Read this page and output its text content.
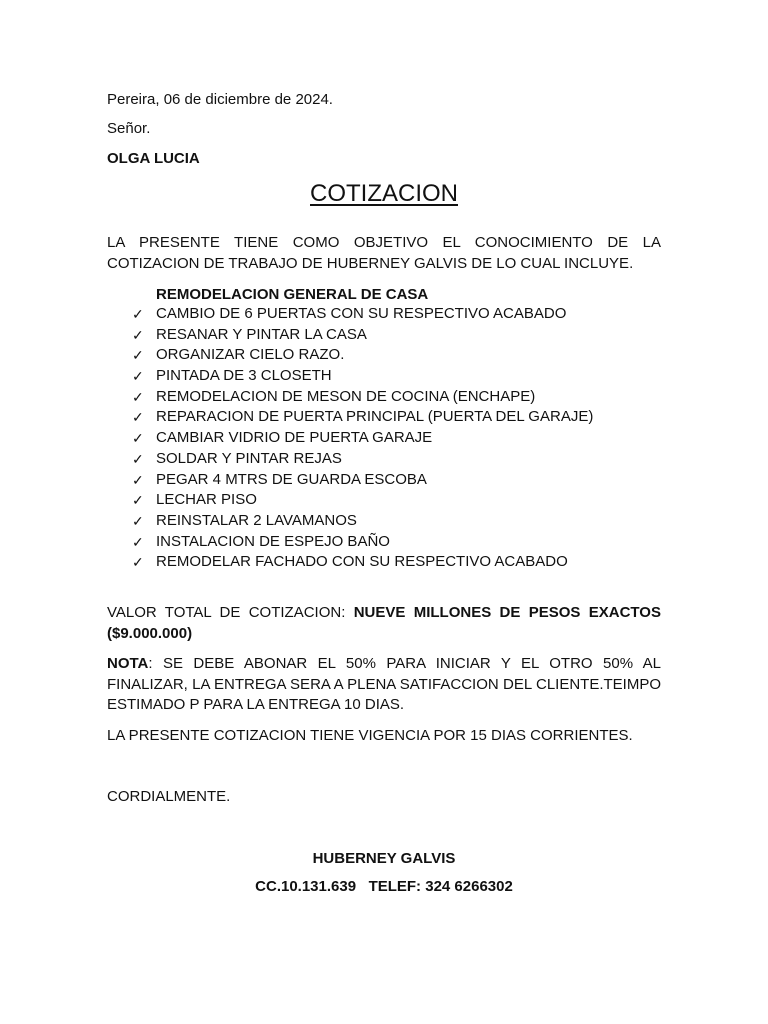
Pereira, 06 de diciembre de 2024.
Señor.
OLGA LUCIA
COTIZACION
LA PRESENTE TIENE COMO OBJETIVO EL CONOCIMIENTO DE LA COTIZACION DE TRABAJO DE HUBERNEY GALVIS DE LO CUAL INCLUYE.
REMODELACION GENERAL DE CASA
✓ CAMBIO DE 6 PUERTAS CON SU RESPECTIVO ACABADO
✓ RESANAR Y PINTAR LA CASA
✓ ORGANIZAR CIELO RAZO.
✓ PINTADA DE 3 CLOSETH
✓ REMODELACION DE MESON DE COCINA (ENCHAPE)
✓ REPARACION DE PUERTA PRINCIPAL (PUERTA DEL GARAJE)
✓ CAMBIAR VIDRIO DE PUERTA GARAJE
✓ SOLDAR Y PINTAR REJAS
✓ PEGAR 4 MTRS DE GUARDA ESCOBA
✓ LECHAR PISO
✓ REINSTALAR 2 LAVAMANOS
✓ INSTALACION DE ESPEJO BAÑO
✓ REMODELAR FACHADO CON SU RESPECTIVO ACABADO
VALOR TOTAL DE COTIZACION: NUEVE MILLONES DE PESOS EXACTOS ($9.000.000)
NOTA: SE DEBE ABONAR EL 50% PARA INICIAR Y EL OTRO 50% AL FINALIZAR, LA ENTREGA SERA A PLENA SATIFACCION DEL CLIENTE.TEIMPO ESTIMADO P PARA LA ENTREGA 10 DIAS.
LA PRESENTE COTIZACION TIENE VIGENCIA POR 15 DIAS CORRIENTES.
CORDIALMENTE.
HUBERNEY GALVIS
CC.10.131.639   TELEF: 324 6266302
